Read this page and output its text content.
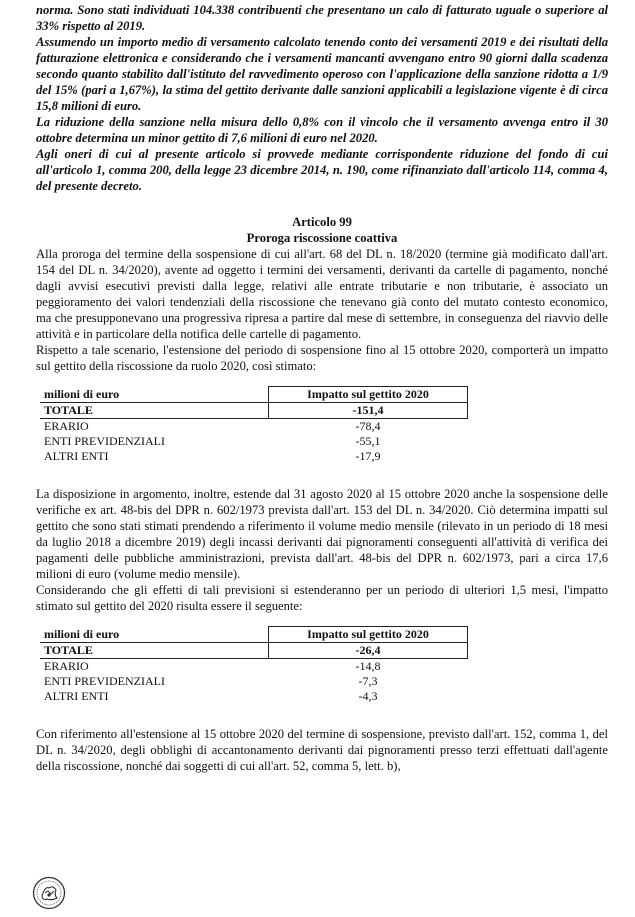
norma. Sono stati individuati 104.338 contribuenti che presentano un calo di fatturato uguale o superiore al 33% rispetto al 2019.

Assumendo un importo medio di versamento calcolato tenendo conto dei versamenti 2019 e dei risultati della fatturazione elettronica e considerando che i versamenti mancanti avvengano entro 90 giorni dalla scadenza secondo quanto stabilito dall'istituto del ravvedimento operoso con l'applicazione della sanzione ridotta a 1/9 del 15% (pari a 1,67%), la stima del gettito derivante dalle sanzioni applicabili a legislazione vigente è di circa 15,8 milioni di euro.

La riduzione della sanzione nella misura dello 0,8% con il vincolo che il versamento avvenga entro il 30 ottobre determina un minor gettito di 7,6 milioni di euro nel 2020.

Agli oneri di cui al presente articolo si provvede mediante corrispondente riduzione del fondo di cui all'articolo 1, comma 200, della legge 23 dicembre 2014, n. 190, come rifinanziato dall'articolo 114, comma 4, del presente decreto.

Articolo 99
Proroga riscossione coattiva

Alla proroga del termine della sospensione di cui all'art. 68 del DL n. 18/2020 (termine già modificato dall'art. 154 del DL n. 34/2020), avente ad oggetto i termini dei versamenti, derivanti da cartelle di pagamento, nonché dagli avvisi esecutivi previsti dalla legge, relativi alle entrate tributarie e non tributarie, è associato un peggioramento dei valori tendenziali della riscossione che tenevano già conto del mutato contesto economico, ma che presupponevano una progressiva ripresa a partire dal mese di settembre, in conseguenza del riavvio delle attività e in particolare della notifica delle cartelle di pagamento.

Rispetto a tale scenario, l'estensione del periodo di sospensione fino al 15 ottobre 2020, comporterà un impatto sul gettito della riscossione da ruolo 2020, così stimato:

milioni di euro	Impatto sul gettito 2020
TOTALE	-151,4
ERARIO	-78,4
ENTI PREVIDENZIALI	-55,1
ALTRI ENTI	-17,9

La disposizione in argomento, inoltre, estende dal 31 agosto 2020 al 15 ottobre 2020 anche la sospensione delle verifiche ex art. 48-bis del DPR n. 602/1973 prevista dall'art. 153 del DL n. 34/2020. Ciò determina impatti sul gettito che sono stati stimati prendendo a riferimento il volume medio mensile (rilevato in un periodo di 18 mesi da luglio 2018 a dicembre 2019) degli incassi derivanti dai pignoramenti conseguenti all'attività di verifica dei pagamenti delle pubbliche amministrazioni, prevista dall'art. 48-bis del DPR n. 602/1973, pari a circa 17,6 milioni di euro (volume medio mensile).

Considerando che gli effetti di tali previsioni si estenderanno per un periodo di ulteriori 1,5 mesi, l'impatto stimato sul gettito del 2020 risulta essere il seguente:

milioni di euro	Impatto sul gettito 2020
TOTALE	-26,4
ERARIO	-14,8
ENTI PREVIDENZIALI	-7,3
ALTRI ENTI	-4,3

Con riferimento all'estensione al 15 ottobre 2020 del termine di sospensione, previsto dall'art. 152, comma 1, del DL n. 34/2020, degli obblighi di accantonamento derivanti dai pignoramenti presso terzi effettuati dall'agente della riscossione, nonché dai soggetti di cui all'art. 52, comma 5, lett. b),
